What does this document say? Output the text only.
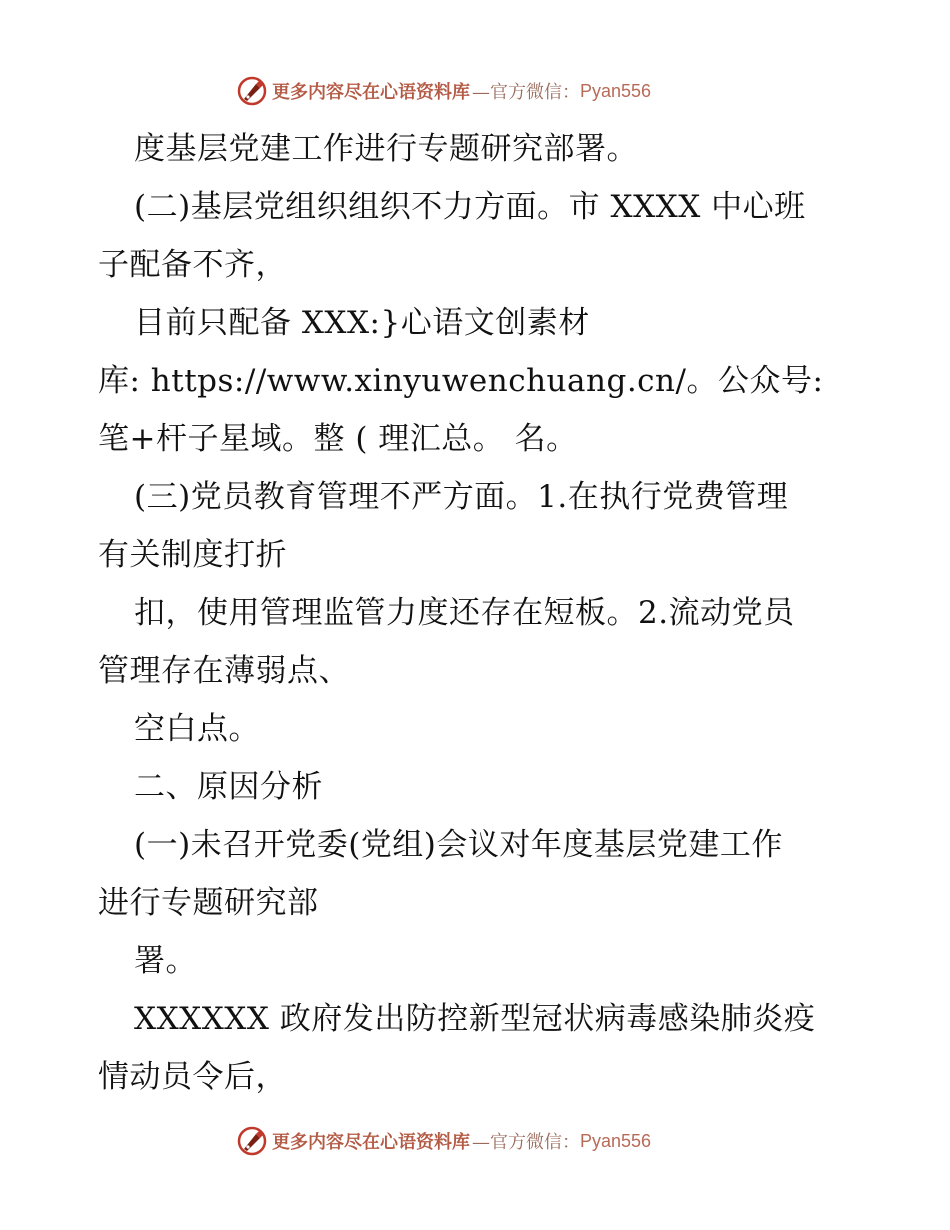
更多内容尽在心语资料库 —官方微信： Pyan556
度基层党建工作进行专题研究部署。
(二)基层党组织组织不力方面。市 XXXX 中心班
子配备不齐，
目前只配备 XXX:}心语文创素材
库: https://www.xinyuwenchuang.cn/。公众号:
笔+杆子星域。整 ( 理汇总。 名。
(三)党员教育管理不严方面。1.在执行党费管理
有关制度打折
扣，使用管理监管力度还存在短板。2.流动党员
管理存在薄弱点、
空白点。
二、原因分析
(一)未召开党委(党组)会议对年度基层党建工作
进行专题研究部
署。
XXXXXX 政府发出防控新型冠状病毒感染肺炎疫
情动员令后，
更多内容尽在心语资料库 —官方微信： Pyan556
